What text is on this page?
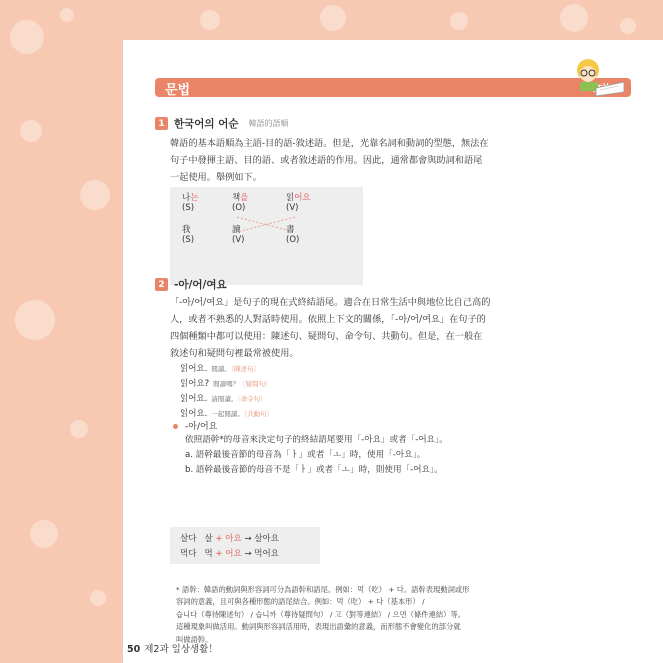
문법
1 한국어의 어순 韓語的語順
韓語的基本語順為主語-目的語-敘述語。但是，光靠名詞和動詞的型態，無法在
句子中發揮主語、目的語、或者敘述語的作用。因此，通常都會與助詞和語尾
一起使用。舉例如下。
나는
(S)
책을
(O)
읽어요
(V)
我
(S)
讀
(V)
書
(O)
2 -아/어/여요
「-아/어/여요」是句子的現在式終結語尾。適合在日常生活中與地位比自己高的
人，或者不熟悉的人對話時使用。依照上下文的關係，「-아/어/여요」在句子的
四個種類中都可以使用：陳述句、疑問句、命令句、共動句。但是，在一般在
敘述句和疑問句裡最常被使用。
읽어요. 閱讀。〔陳述句〕
읽어요? 閱讀嗎？〔疑問句〕
읽어요. 請閱讀。〔命令句〕
읽어요. 一起閱讀。〔共動句〕
-아/어요
依照語幹*的母音來決定句子的終結語尾要用「-아요」或者「-어요」。
a. 語幹最後音節的母音為「ㅏ」或者「ㅗ」時，使用「-아요」。
b. 語幹最後音節的母音不是「ㅏ」或者「ㅗ」時，則使用「-어요」。
살다 살 + 아요 → 살아요
먹다 먹 + 어요 → 먹어요
* 語幹：韓語的動詞與形容詞可分為語幹和語尾。例如：먹（吃） + 다。語幹表現動詞或形
容詞的意義，且可與各種形態的語尾結合。例如：먹（吃） + 다（基本形） /
습니다（尊待陳述句） / 습니까（尊待疑問句） / 고（對等連結） / 으면（條件連結）等。
這種現象叫做活用。動詞與形容詞活用時，表現出語彙的意義，而形態不會變化的部分就
叫做語幹。
50 제2과 일상생활！
